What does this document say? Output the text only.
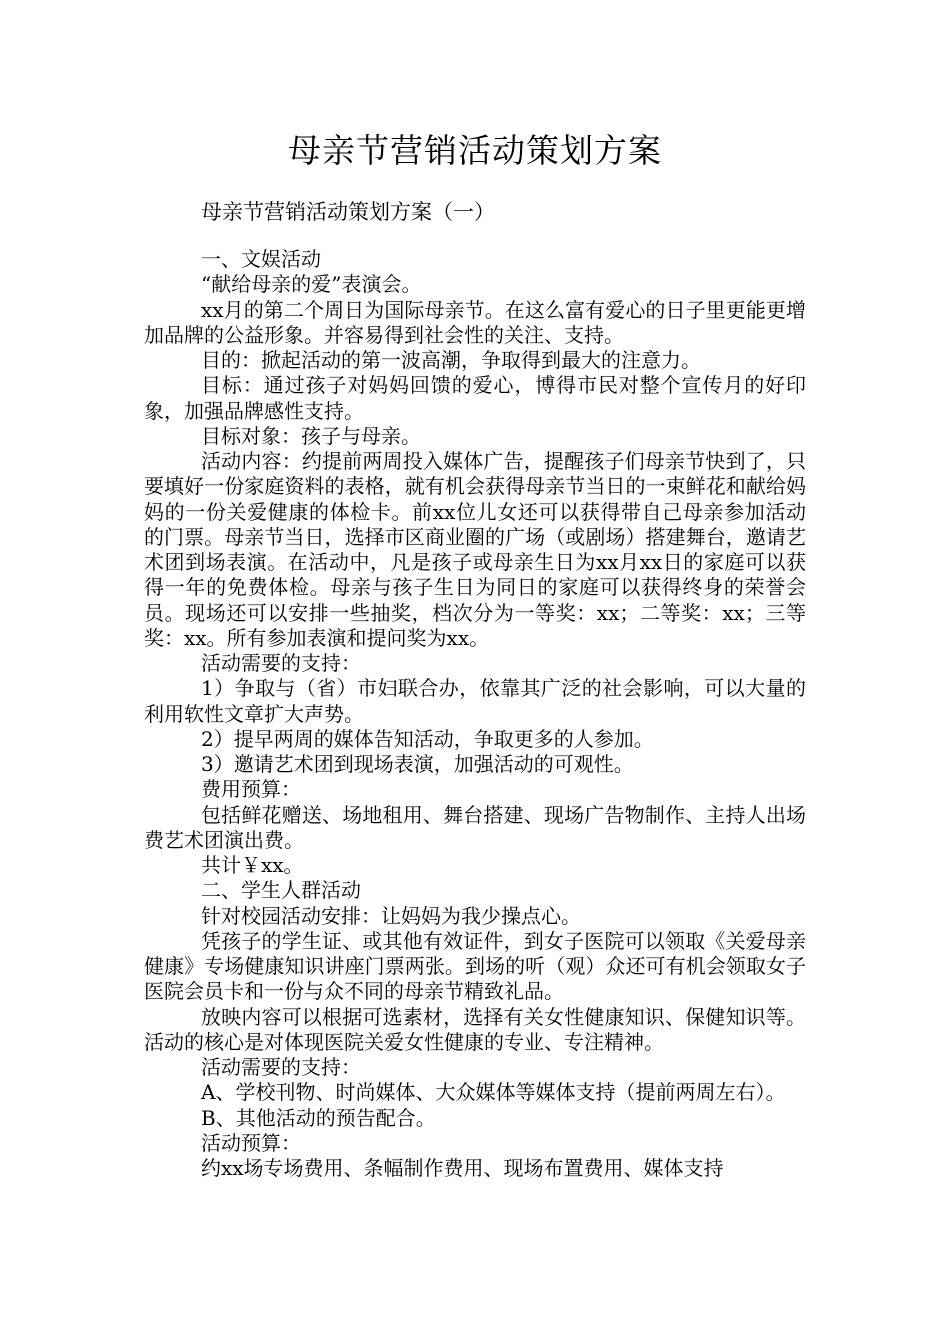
母亲节营销活动策划方案
母亲节营销活动策划方案（一）

一、文娱活动

“献给母亲的爱”表演会。

xx月的第二个周日为国际母亲节。在这么富有爱心的日子里更能更增加品牌的公益形象。并容易得到社会性的关注、支持。

目的：掀起活动的第一波高潮，争取得到最大的注意力。

目标：通过孩子对妈妈回馈的爱心，博得市民对整个宣传月的好印象，加强品牌感性支持。

目标对象：孩子与母亲。

活动内容：约提前两周投入媒体广告，提醒孩子们母亲节快到了，只要填好一份家庭资料的表格，就有机会获得母亲节当日的一束鲜花和献给妈妈的一份关爱健康的体检卡。前xx位儿女还可以获得带自己母亲参加活动的门票。母亲节当日，选择市区商业圈的广场（或剧场）搭建舞台，邀请艺术团到场表演。在活动中，凡是孩子或母亲生日为xx月xx日的家庭可以获得一年的免费体检。母亲与孩子生日为同日的家庭可以获得终身的荣誉会员。现场还可以安排一些抽奖，档次分为一等奖：xx；二等奖：xx；三等奖：xx。所有参加表演和提问奖为xx。

活动需要的支持：

1）争取与（省）市妇联合办，依靠其广泛的社会影响，可以大量的利用软性文章扩大声势。

2）提早两周的媒体告知活动，争取更多的人参加。

3）邀请艺术团到现场表演，加强活动的可观性。

费用预算：

包括鲜花赠送、场地租用、舞台搭建、现场广告物制作、主持人出场费艺术团演出费。

共计￥xx。

二、学生人群活动

针对校园活动安排：让妈妈为我少操点心。

凭孩子的学生证、或其他有效证件，到女子医院可以领取《关爱母亲健康》专场健康知识讲座门票两张。到场的听（观）众还可有机会领取女子医院会员卡和一份与众不同的母亲节精致礼品。

放映内容可以根据可选素材，选择有关女性健康知识、保健知识等。活动的核心是对体现医院关爱女性健康的专业、专注精神。

活动需要的支持：

A、学校刊物、时尚媒体、大众媒体等媒体支持（提前两周左右）。

B、其他活动的预告配合。

活动预算：

约xx场专场费用、条幅制作费用、现场布置费用、媒体支持
